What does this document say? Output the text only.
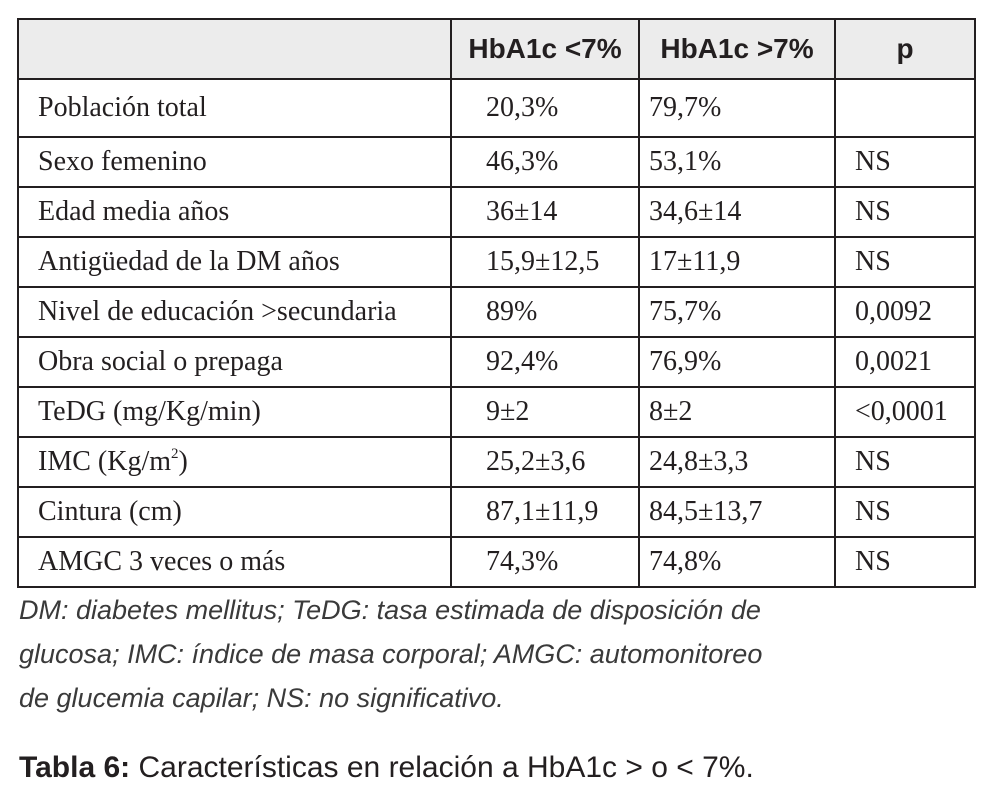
	HbA1c <7%	HbA1c >7%	p
Población total	20,3%	79,7%	
Sexo femenino	46,3%	53,1%	NS
Edad media años	36±14	34,6±14	NS
Antigüedad de la DM años	15,9±12,5	17±11,9	NS
Nivel de educación >secundaria	89%	75,7%	0,0092
Obra social o prepaga	92,4%	76,9%	0,0021
TeDG (mg/Kg/min)	9±2	8±2	<0,0001
IMC $(Kg/m^2)$	25,2±3,6	24,8±3,3	NS
Cintura (cm)	87,1±11,9	84,5±13,7	NS
AMGC 3 veces o más	74,3%	74,8%	NS

DM: diabetes mellitus; TeDG: tasa estimada de disposición de
glucosa; IMC: índice de masa corporal; AMGC: automonitoreo
de glucemia capilar; NS: no significativo.

Tabla 6: Características en relación a HbA1c > o < 7%.
